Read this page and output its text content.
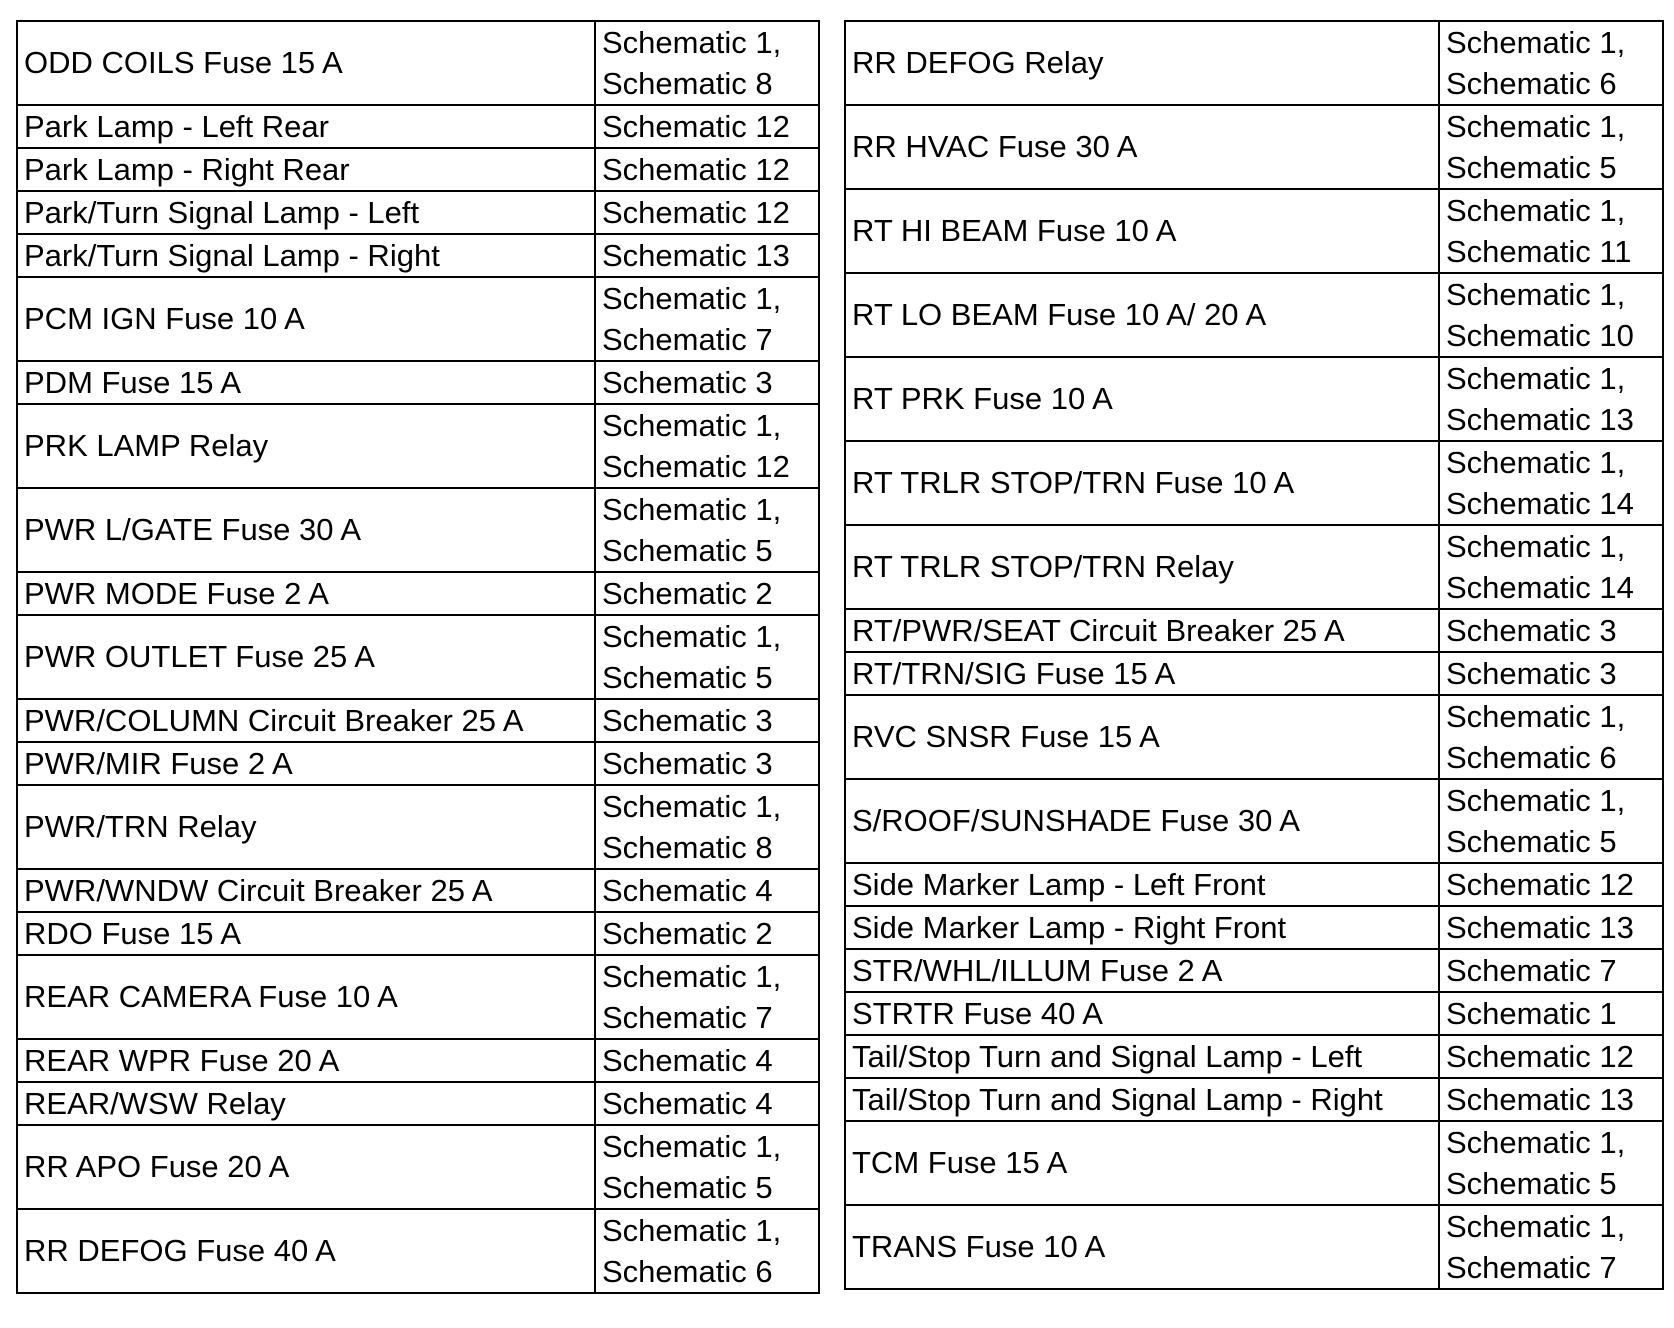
ODD COILS Fuse 15 A	Schematic 1,
Schematic 8

Park Lamp - Left Rear	Schematic 12

Park Lamp - Right Rear	Schematic 12

Park/Turn Signal Lamp - Left	Schematic 12

Park/Turn Signal Lamp - Right	Schematic 13

PCM IGN Fuse 10 A	Schematic 1,
Schematic 7

PDM Fuse 15 A	Schematic 3

PRK LAMP Relay	Schematic 1,
Schematic 12

PWR L/GATE Fuse 30 A	Schematic 1,
Schematic 5

PWR MODE Fuse 2 A	Schematic 2

PWR OUTLET Fuse 25 A	Schematic 1,
Schematic 5

PWR/COLUMN Circuit Breaker 25 A	Schematic 3

PWR/MIR Fuse 2 A	Schematic 3

PWR/TRN Relay	Schematic 1,
Schematic 8

PWR/WNDW Circuit Breaker 25 A	Schematic 4

RDO Fuse 15 A	Schematic 2

REAR CAMERA Fuse 10 A	Schematic 1,
Schematic 7

REAR WPR Fuse 20 A	Schematic 4

REAR/WSW Relay	Schematic 4

RR APO Fuse 20 A	Schematic 1,
Schematic 5

RR DEFOG Fuse 40 A	Schematic 1,
Schematic 6
RR DEFOG Relay	Schematic 1,
Schematic 6

RR HVAC Fuse 30 A	Schematic 1,
Schematic 5

RT HI BEAM Fuse 10 A	Schematic 1,
Schematic 11

RT LO BEAM Fuse 10 A/ 20 A	Schematic 1,
Schematic 10

RT PRK Fuse 10 A	Schematic 1,
Schematic 13

RT TRLR STOP/TRN Fuse 10 A	Schematic 1,
Schematic 14

RT TRLR STOP/TRN Relay	Schematic 1,
Schematic 14

RT/PWR/SEAT Circuit Breaker 25 A	Schematic 3

RT/TRN/SIG Fuse 15 A	Schematic 3

RVC SNSR Fuse 15 A	Schematic 1,
Schematic 6

S/ROOF/SUNSHADE Fuse 30 A	Schematic 1,
Schematic 5

Side Marker Lamp - Left Front	Schematic 12

Side Marker Lamp - Right Front	Schematic 13

STR/WHL/ILLUM Fuse 2 A	Schematic 7

STRTR Fuse 40 A	Schematic 1

Tail/Stop Turn and Signal Lamp - Left	Schematic 12

Tail/Stop Turn and Signal Lamp - Right	Schematic 13

TCM Fuse 15 A	Schematic 1,
Schematic 5

TRANS Fuse 10 A	Schematic 1,
Schematic 7
